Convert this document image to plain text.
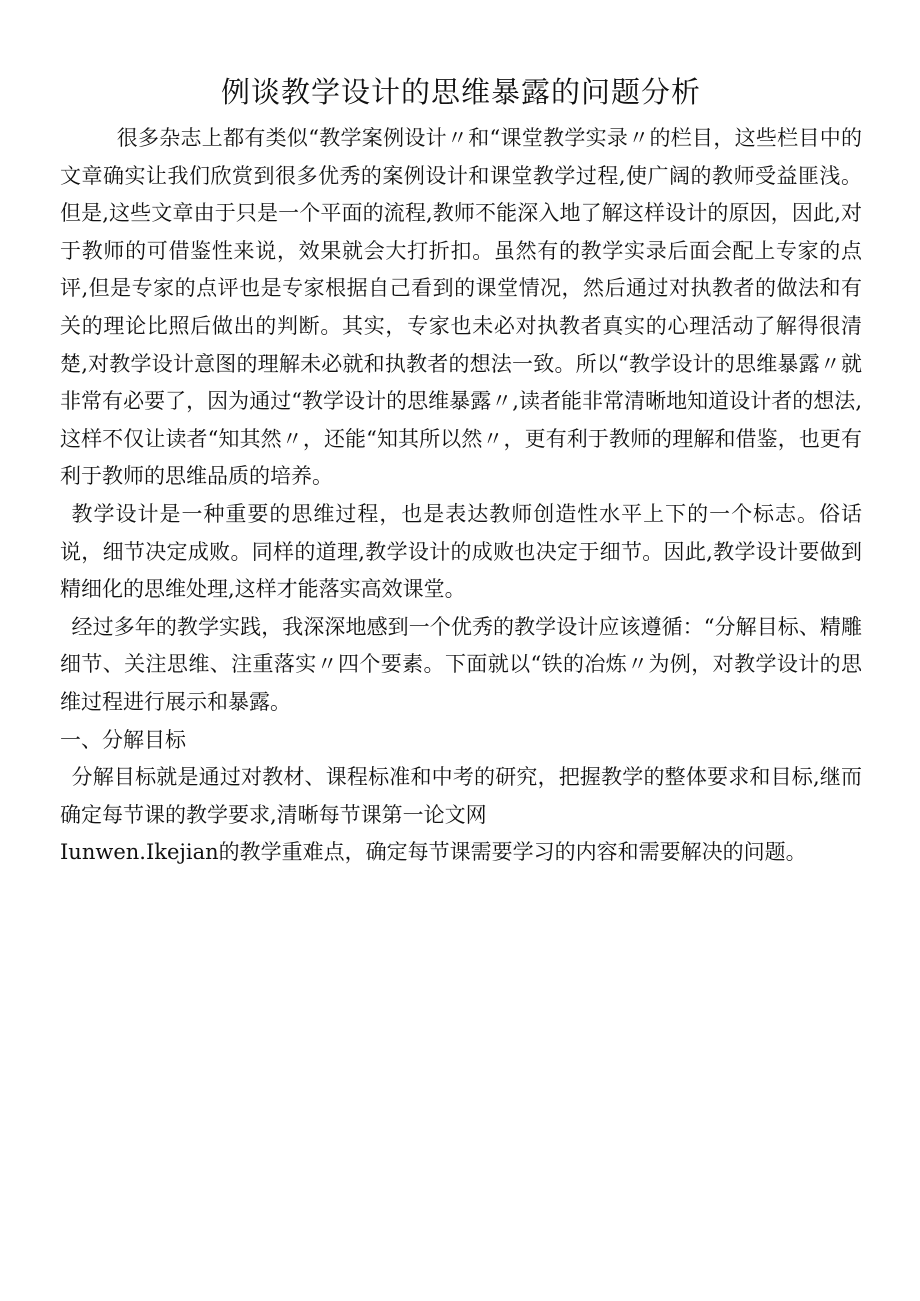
例谈教学设计的思维暴露的问题分析

很多杂志上都有类似“教学案例设计〃和“课堂教学实录〃的栏目，这些栏目中的文章确实让我们欣赏到很多优秀的案例设计和课堂教学过程,使广阔的教师受益匪浅。但是,这些文章由于只是一个平面的流程,教师不能深入地了解这样设计的原因，因此,对于教师的可借鉴性来说，效果就会大打折扣。虽然有的教学实录后面会配上专家的点评,但是专家的点评也是专家根据自己看到的课堂情况，然后通过对执教者的做法和有关的理论比照后做出的判断。其实，专家也未必对执教者真实的心理活动了解得很清楚,对教学设计意图的理解未必就和执教者的想法一致。所以“教学设计的思维暴露〃就非常有必要了，因为通过“教学设计的思维暴露〃,读者能非常清晰地知道设计者的想法,这样不仅让读者“知其然〃，还能“知其所以然〃，更有利于教师的理解和借鉴，也更有利于教师的思维品质的培养。

教学设计是一种重要的思维过程，也是表达教师创造性水平上下的一个标志。俗话说，细节决定成败。同样的道理,教学设计的成败也决定于细节。因此,教学设计要做到精细化的思维处理,这样才能落实高效课堂。

经过多年的教学实践，我深深地感到一个优秀的教学设计应该遵循：“分解目标、精雕细节、关注思维、注重落实〃四个要素。下面就以“铁的冶炼〃为例，对教学设计的思维过程进行展示和暴露。

一、分解目标

分解目标就是通过对教材、课程标准和中考的研究，把握教学的整体要求和目标,继而确定每节课的教学要求,清晰每节课第一论文网

Iunwen.Ikejian的教学重难点，确定每节课需要学习的内容和需要解决的问题。
